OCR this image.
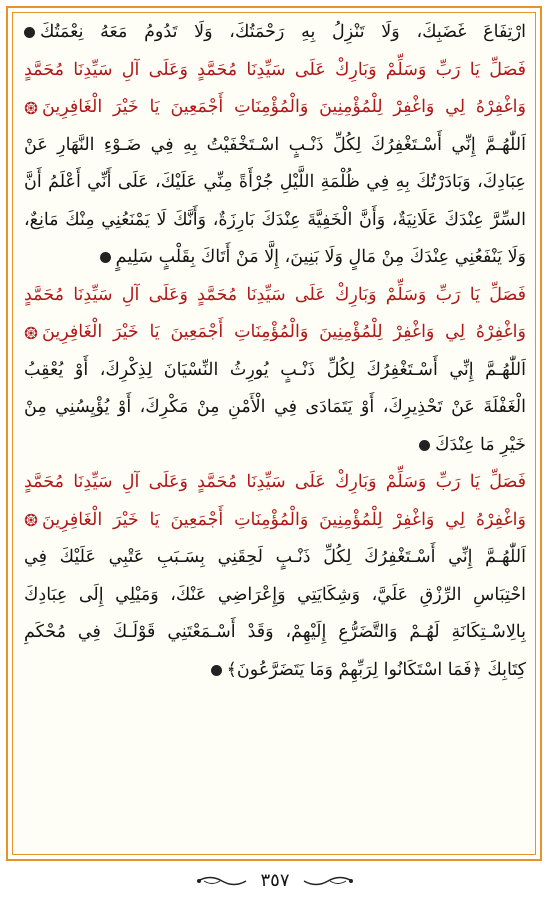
ارْتِفَاعَ غَضَبِكَ، وَلَا تَنْزِلُ بِهِ رَحْمَتُكَ، وَلَا تَدُومُ مَعَهُ نِعْمَتُكَ
فَصَلِّ يَا رَبِّ وَسَلِّمْ وَبَارِكْ عَلَى سَيِّدِنَا مُحَمَّدٍ وَعَلَى آلِ سَيِّدِنَا مُحَمَّدٍ
وَاغْفِرْهُ لِي وَاغْفِرْ لِلْمُؤْمِنِينَ وَالْمُؤْمِنَاتِ أَجْمَعِينَ يَا خَيْرَ الْغَافِرِينَ
اَللّٰهُـمَّ إِنِّي أَسْـتَغْفِرُكَ لِكُلِّ ذَنْـبٍ اسْـتَخْفَيْتُ بِهِ فِي ضَـوْءِ النَّهَارِ عَنْ
عِبَادِكَ، وَبَادَرْتُكَ بِهِ فِي ظُلْمَةِ اللَّيْلِ جُرْأَةً مِنِّي عَلَيْكَ، عَلَى أَنِّي أَعْلَمُ أَنَّ
السِّرَّ عِنْدَكَ عَلَانِيَةٌ، وَأَنَّ الْخَفِيَّةَ عِنْدَكَ بَارِزَةٌ، وَأَنَّكَ لَا يَمْنَعُنِي مِنْكَ مَانِعٌ،
وَلَا يَنْفَعُنِي عِنْدَكَ مِنْ مَالٍ وَلَا بَنِينَ، إِلَّا مَنْ أَتَاكَ بِقَلْبٍ سَلِيمٍ
فَصَلِّ يَا رَبِّ وَسَلِّمْ وَبَارِكْ عَلَى سَيِّدِنَا مُحَمَّدٍ وَعَلَى آلِ سَيِّدِنَا مُحَمَّدٍ
وَاغْفِرْهُ لِي وَاغْفِرْ لِلْمُؤْمِنِينَ وَالْمُؤْمِنَاتِ أَجْمَعِينَ يَا خَيْرَ الْغَافِرِينَ
اَللّٰهُـمَّ إِنِّي أَسْـتَغْفِرُكَ لِكُلِّ ذَنْـبٍ يُورِثُ النِّسْيَانَ لِذِكْرِكَ، أَوْ يُعْقِبُ
الْغَفْلَةَ عَنْ تَحْذِيرِكَ، أَوْ يَتَمَادَى فِي الْأَمْنِ مِنْ مَكْرِكَ، أَوْ يُؤْيِسُنِي مِنْ
خَيْرِ مَا عِنْدَكَ
فَصَلِّ يَا رَبِّ وَسَلِّمْ وَبَارِكْ عَلَى سَيِّدِنَا مُحَمَّدٍ وَعَلَى آلِ سَيِّدِنَا مُحَمَّدٍ
وَاغْفِرْهُ لِي وَاغْفِرْ لِلْمُؤْمِنِينَ وَالْمُؤْمِنَاتِ أَجْمَعِينَ يَا خَيْرَ الْغَافِرِينَ
اَللّٰهُـمَّ إِنِّي أَسْـتَغْفِرُكَ لِكُلِّ ذَنْـبٍ لَحِقَنِي بِسَـبَبِ عَتْبِي عَلَيْكَ فِي
احْتِبَاسِ الرِّزْقِ عَلَيَّ، وَشِكَايَتِي وَإِعْرَاضِي عَنْكَ، وَمَيْلِي إِلَى عِبَادِكَ
بِالِاسْـتِكَانَةِ لَهُـمْ وَالتَّضَرُّعِ إِلَيْهِمْ، وَقَدْ أَسْـمَعْتَنِي قَوْلَـكَ فِي مُحْكَمِ
كِتَابِكَ ﴿فَمَا اسْتَكَانُوا لِرَبِّهِمْ وَمَا يَتَضَرَّعُونَ﴾
٣٥٧
